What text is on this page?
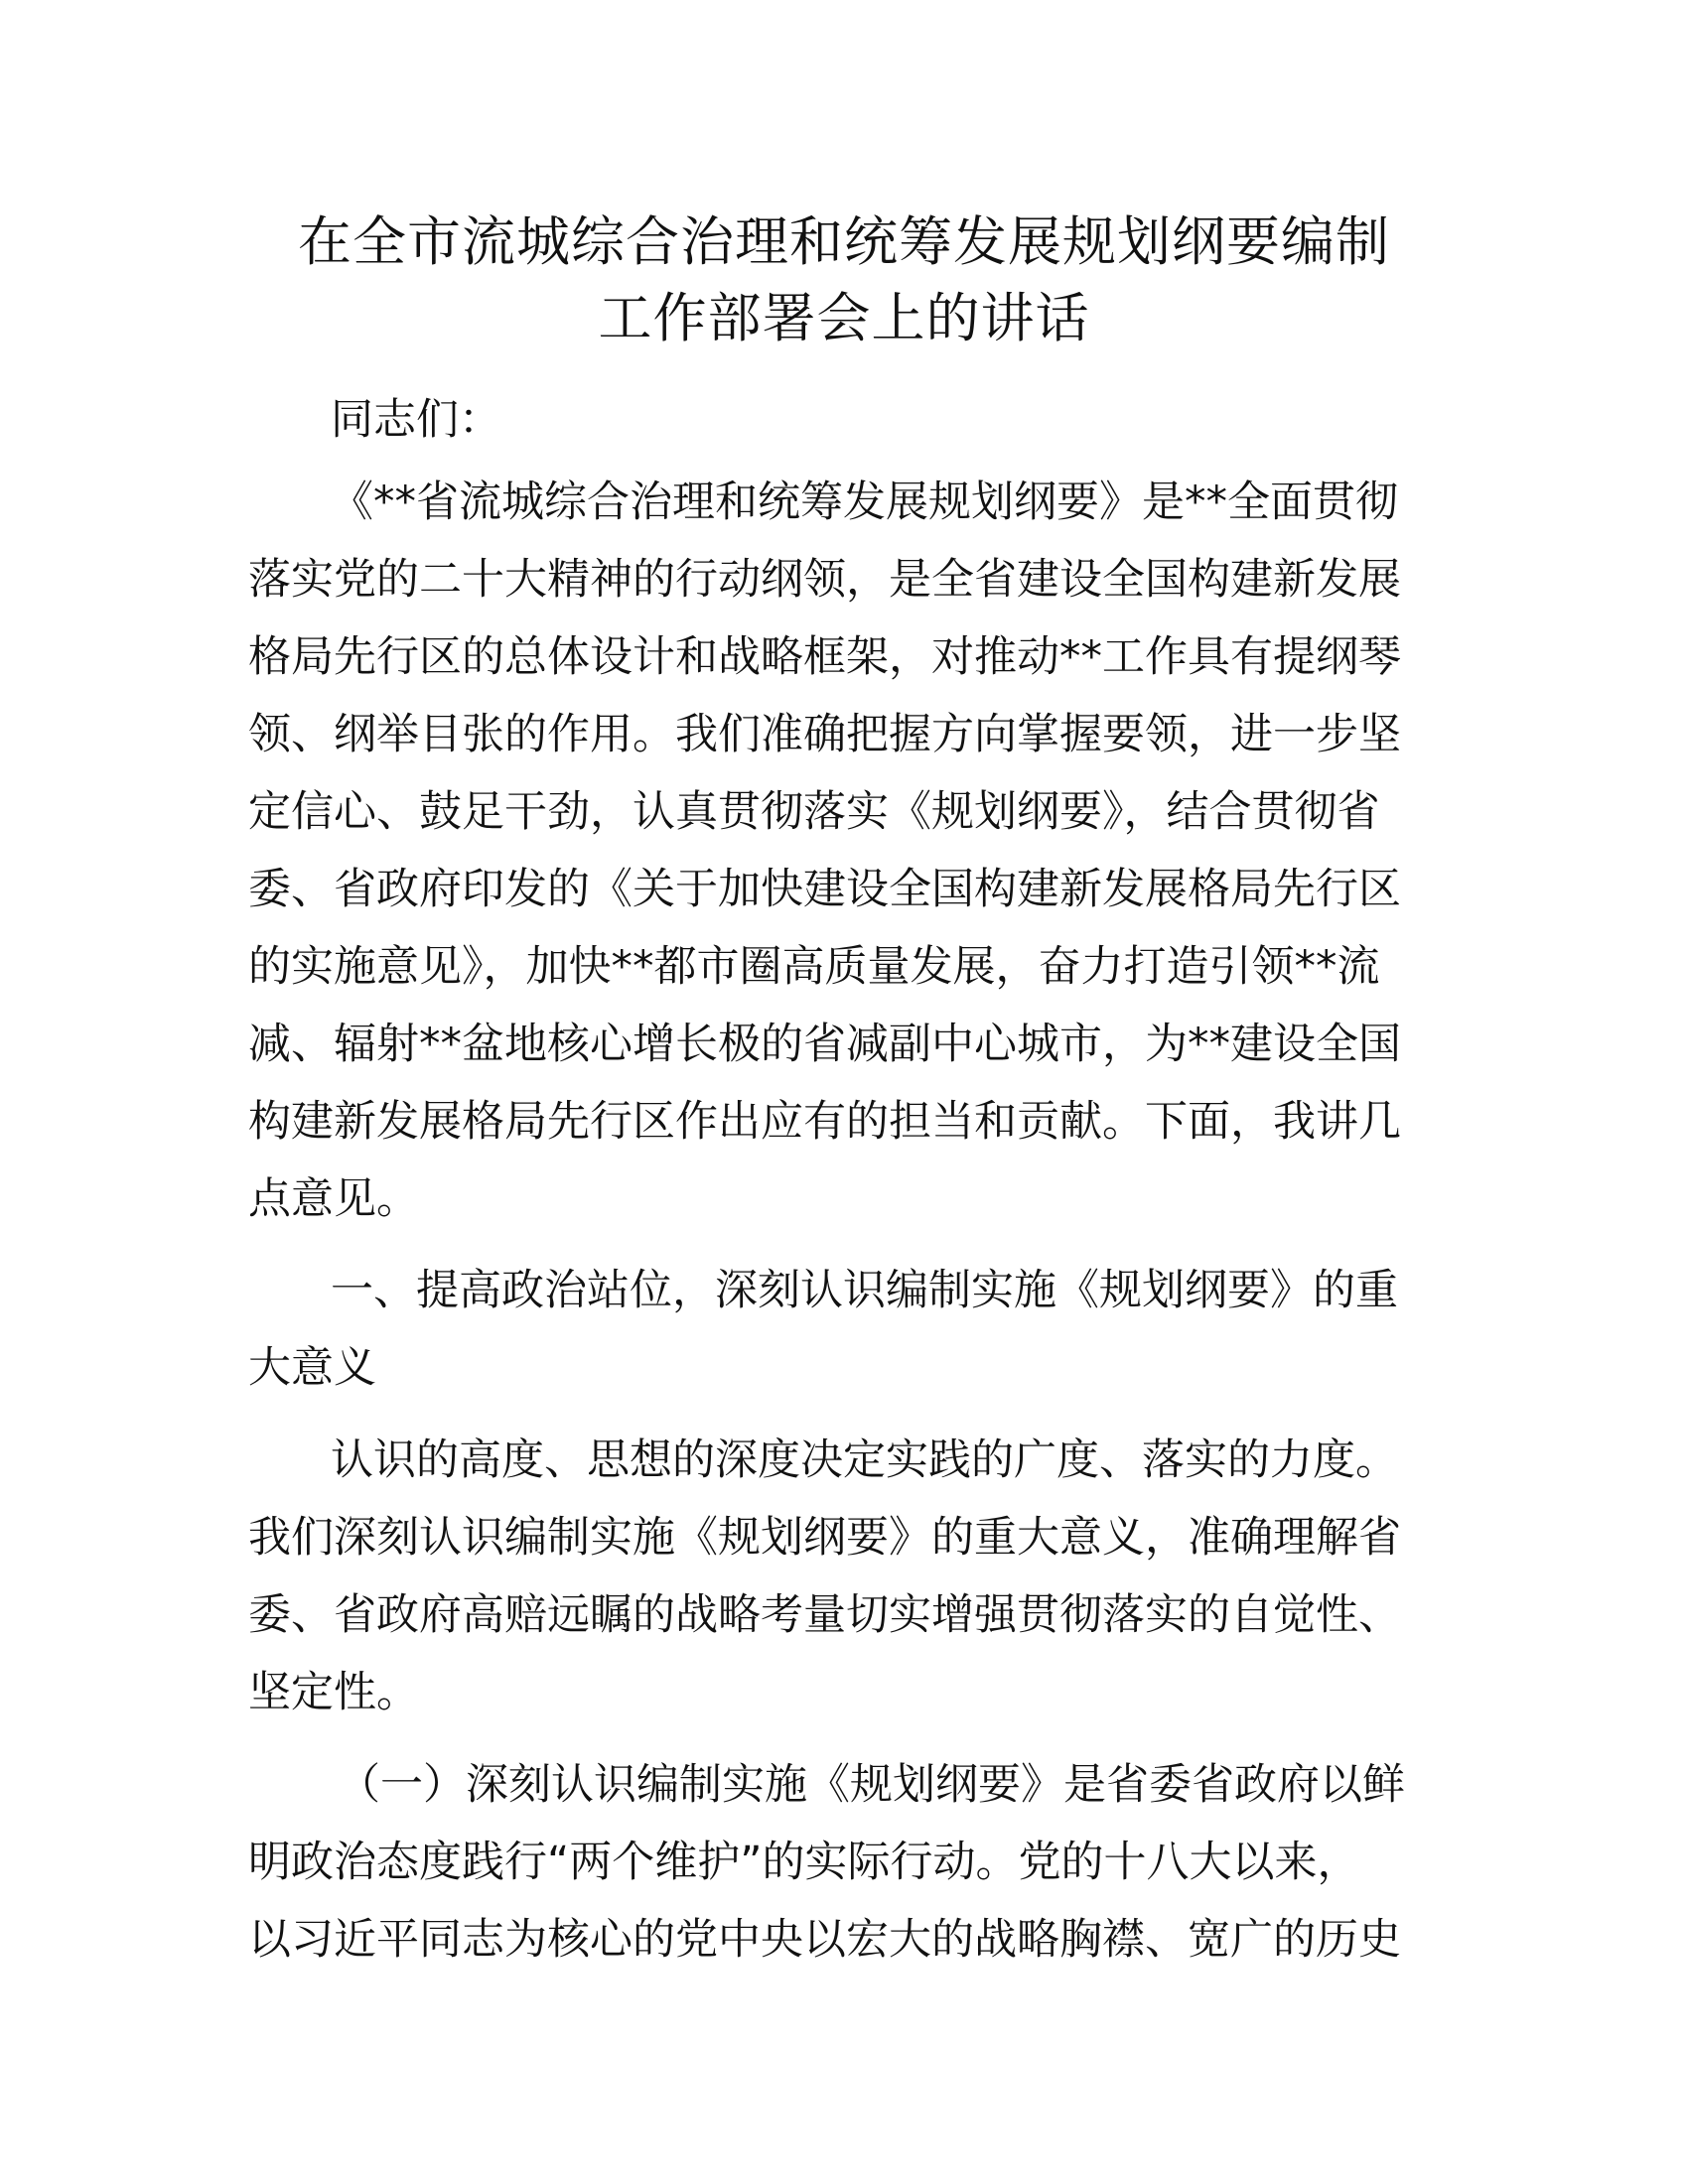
在全市流城综合治理和统筹发展规划纲要编制
工作部署会上的讲话

同志们：

《**省流城综合治理和统筹发展规划纲要》是**全面贯彻

落实党的二十大精神的行动纲领，是全省建设全国构建新发展

格局先行区的总体设计和战略框架，对推动**工作具有提纲琴

领、纲举目张的作用。我们准确把握方向掌握要领，进一步坚

定信心、鼓足干劲，认真贯彻落实《规划纲要》，结合贯彻省

委、省政府印发的《关于加快建设全国构建新发展格局先行区

的实施意见》，加快**都市圈高质量发展，奋力打造引领**流

减、辐射**盆地核心增长极的省减副中心城市，为**建设全国

构建新发展格局先行区作出应有的担当和贡献。下面，我讲几

点意见。

一、提高政治站位，深刻认识编制实施《规划纲要》的重

大意义

认识的高度、思想的深度决定实践的广度、落实的力度。

我们深刻认识编制实施《规划纲要》的重大意义，准确理解省

委、省政府高赔远瞩的战略考量切实增强贯彻落实的自觉性、

坚定性。

（一）深刻认识编制实施《规划纲要》是省委省政府以鲜

明政治态度践行“两个维护”的实际行动。党的十八大以来，

以习近平同志为核心的党中央以宏大的战略胸襟、宽广的历史
